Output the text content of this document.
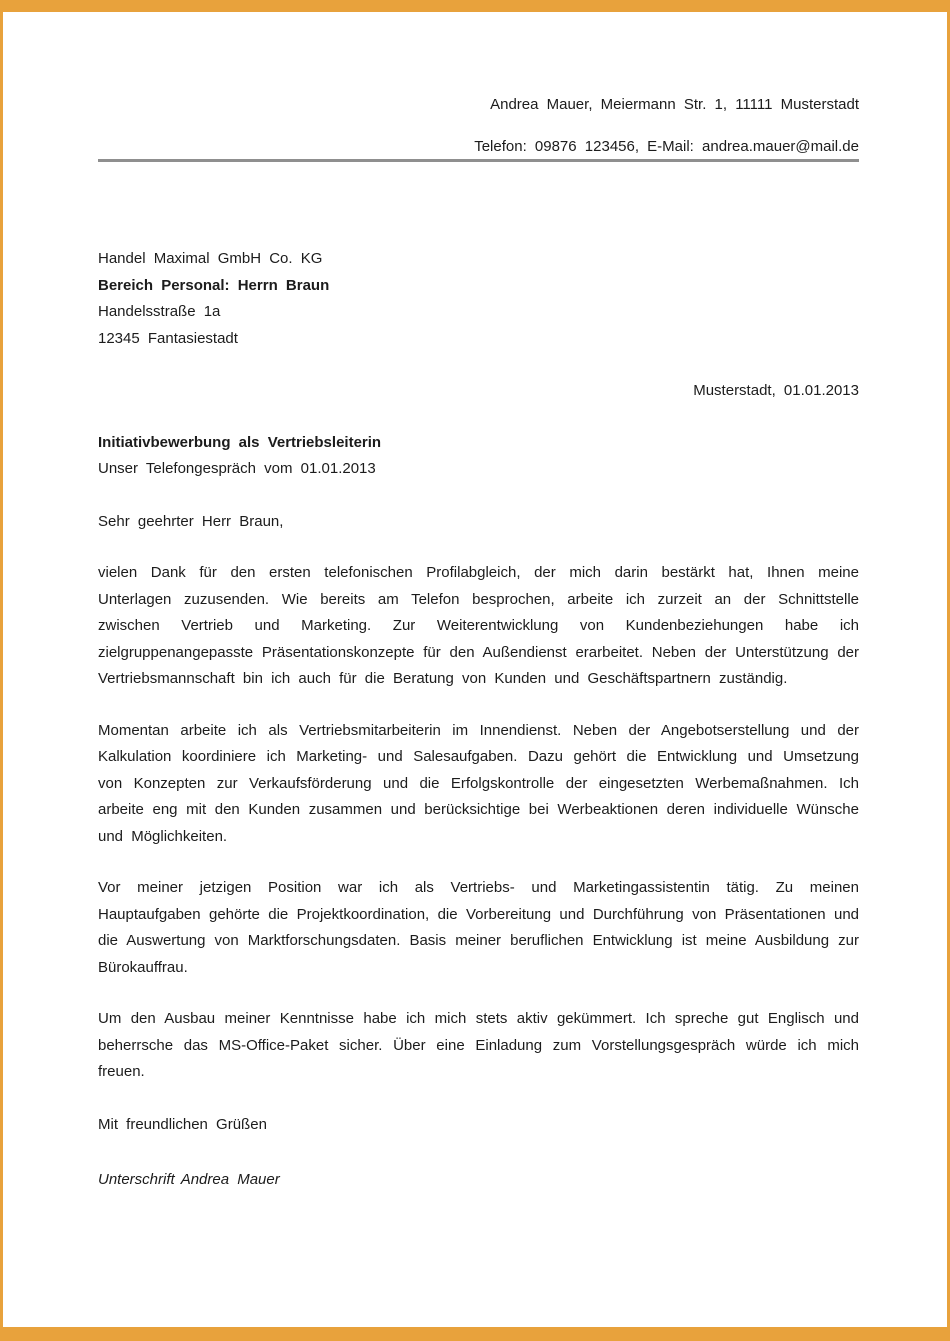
Andrea Mauer, Meiermann Str. 1, 11111 Musterstadt
Telefon: 09876 123456, E-Mail: andrea.mauer@mail.de
Handel Maximal GmbH Co. KG
Bereich Personal: Herrn Braun
Handelsstraße 1a
12345 Fantasiestadt
Musterstadt, 01.01.2013
Initiativbewerbung als Vertriebsleiterin
Unser Telefongespräch vom 01.01.2013
Sehr geehrter Herr Braun,

vielen Dank für den ersten telefonischen Profilabgleich, der mich darin bestärkt hat, Ihnen meine Unterlagen zuzusenden. Wie bereits am Telefon besprochen, arbeite ich zurzeit an der Schnittstelle zwischen Vertrieb und Marketing. Zur Weiterentwicklung von Kundenbeziehungen habe ich zielgruppenangepasste Präsentationskonzepte für den Außendienst erarbeitet. Neben der Unterstützung der Vertriebsmannschaft bin ich auch für die Beratung von Kunden und Geschäftspartnern zuständig.

Momentan arbeite ich als Vertriebsmitarbeiterin im Innendienst. Neben der Angebotserstellung und der Kalkulation koordiniere ich Marketing- und Salesaufgaben. Dazu gehört die Entwicklung und Umsetzung von Konzepten zur Verkaufsförderung und die Erfolgskontrolle der eingesetzten Werbemaßnahmen. Ich arbeite eng mit den Kunden zusammen und berücksichtige bei Werbeaktionen deren individuelle Wünsche und Möglichkeiten.

Vor meiner jetzigen Position war ich als Vertriebs- und Marketingassistentin tätig. Zu meinen Hauptaufgaben gehörte die Projektkoordination, die Vorbereitung und Durchführung von Präsentationen und die Auswertung von Marktforschungsdaten. Basis meiner beruflichen Entwicklung ist meine Ausbildung zur Bürokauffrau.

Um den Ausbau meiner Kenntnisse habe ich mich stets aktiv gekümmert. Ich spreche gut Englisch und beherrsche das MS-Office-Paket sicher. Über eine Einladung zum Vorstellungsgespräch würde ich mich freuen.

Mit freundlichen Grüßen
Unterschrift Andrea Mauer
